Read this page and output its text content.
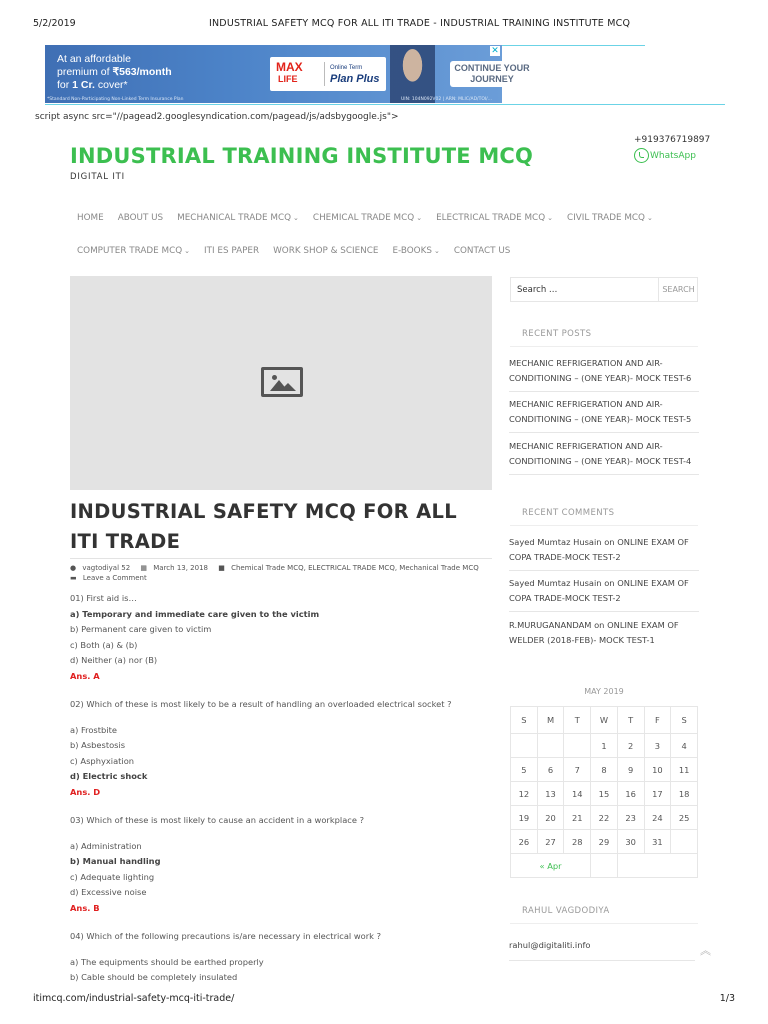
5/2/2019	INDUSTRIAL SAFETY MCQ FOR ALL ITI TRADE - INDUSTRIAL TRAINING INSTITUTE MCQ
At an affordable
premium of ₹563/month
for 1 Cr. cover*
MAX
LIFE
Online Term
Plan Plus
CONTINUE YOUR JOURNEY
✕
*Standard Non-Participating Non-Linked Term Insurance Plan	UIN: 104N092V02 | ARN: MLIC/AD/TOI/...
script async src="//pagead2.googlesyndication.com/pagead/js/adsbygoogle.js">
INDUSTRIAL TRAINING INSTITUTE MCQ
DIGITAL ITI
+919376719897
WhatsApp
HOME	ABOUT US	MECHANICAL TRADE MCQ ⌄	CHEMICAL TRADE MCQ ⌄	ELECTRICAL TRADE MCQ ⌄	CIVIL TRADE MCQ ⌄
COMPUTER TRADE MCQ ⌄	ITI ES PAPER	WORK SHOP & SCIENCE	E-BOOKS ⌄	CONTACT US
INDUSTRIAL SAFETY MCQ FOR ALL ITI TRADE
● vagtodiyal 52 ▦ March 13, 2018 ■ Chemical Trade MCQ, ELECTRICAL TRADE MCQ, Mechanical Trade MCQ
▬ Leave a Comment
01) First aid is…
a) Temporary and immediate care given to the victim
b) Permanent care given to victim
c) Both (a) & (b)
d) Neither (a) nor (B)
Ans. A
02) Which of these is most likely to be a result of handling an overloaded electrical socket ?
a) Frostbite
b) Asbestosis
c) Asphyxiation
d) Electric shock
Ans. D
03) Which of these is most likely to cause an accident in a workplace ?
a) Administration
b) Manual handling
c) Adequate lighting
d) Excessive noise
Ans. B
04) Which of the following precautions is/are necessary in electrical work ?
a) The equipments should be earthed properly
b) Cable should be completely insulated
Search …	SEARCH
RECENT POSTS
MECHANIC REFRIGERATION AND AIR-CONDITIONING – (ONE YEAR)- MOCK TEST-6
MECHANIC REFRIGERATION AND AIR-CONDITIONING – (ONE YEAR)- MOCK TEST-5
MECHANIC REFRIGERATION AND AIR-CONDITIONING – (ONE YEAR)- MOCK TEST-4
RECENT COMMENTS
Sayed Mumtaz Husain on ONLINE EXAM OF COPA TRADE-MOCK TEST-2
Sayed Mumtaz Husain on ONLINE EXAM OF COPA TRADE-MOCK TEST-2
R.MURUGANANDAM on ONLINE EXAM OF WELDER (2018-FEB)- MOCK TEST-1
MAY 2019
S	M	T	W	T	F	S
			1	2	3	4
5	6	7	8	9	10	11
12	13	14	15	16	17	18
19	20	21	22	23	24	25
26	27	28	29	30	31	
« Apr						
RAHUL VAGDODIYA
rahul@digitaliti.info	︽
itimcq.com/industrial-safety-mcq-iti-trade/	1/3
